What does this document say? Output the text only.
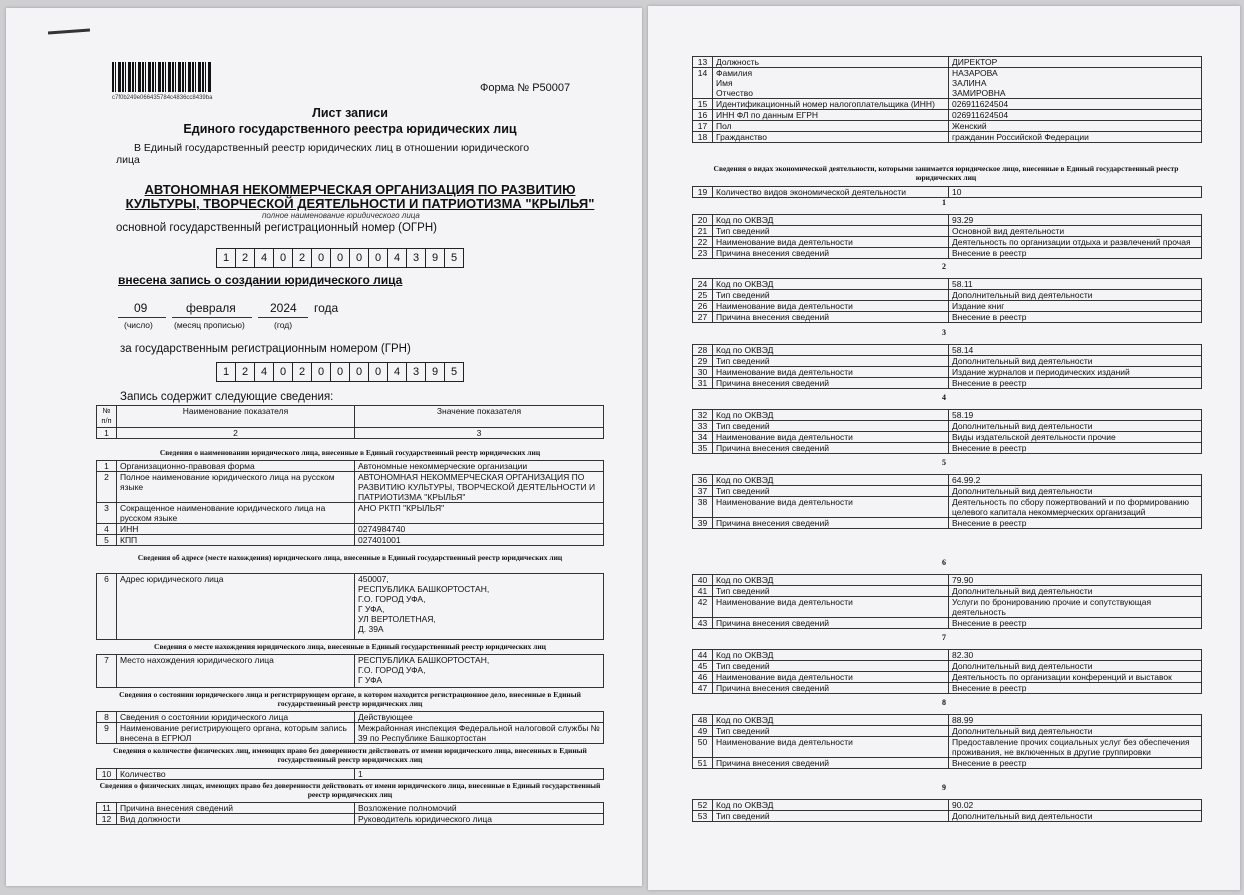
c7f0b249e066435784c4836cc8439ba
Форма № Р50007
Лист записи
Единого государственного реестра юридических лиц
В Единый государственный реестр юридических лиц в отношении юридического
лица
АВТОНОМНАЯ НЕКОММЕРЧЕСКАЯ ОРГАНИЗАЦИЯ ПО РАЗВИТИЮ
КУЛЬТУРЫ, ТВОРЧЕСКОЙ ДЕЯТЕЛЬНОСТИ И ПАТРИОТИЗМА "КРЫЛЬЯ"
полное наименование юридического лица
основной государственный регистрационный номер (ОГРН)
1	2	4	0	2	0	0	0	0	4	3	9	5
внесена запись о создании юридического лица
09	февраля	2024 года
(число) (месяц прописью)	(год)
за государственным регистрационным номером (ГРН)
1	2	4	0	2	0	0	0	0	4	3	9	5
Запись содержит следующие сведения:
№ п/п	Наименование показателя	Значение показателя
1	2	3
Сведения о наименовании юридического лица, внесенные в Единый государственный реестр юридических лиц
1	Организационно-правовая форма	Автономные некоммерческие организации
2	Полное наименование юридического лица на русском языке	АВТОНОМНАЯ НЕКОММЕРЧЕСКАЯ ОРГАНИЗАЦИЯ ПО РАЗВИТИЮ КУЛЬТУРЫ, ТВОРЧЕСКОЙ ДЕЯТЕЛЬНОСТИ И ПАТРИОТИЗМА "КРЫЛЬЯ"
3	Сокращенное наименование юридического лица на русском языке	АНО РКТП "КРЫЛЬЯ"
4	ИНН	0274984740
5	КПП	027401001
Сведения об адресе (месте нахождения) юридического лица, внесенные в Единый государственный реестр юридических лиц
6	Адрес юридического лица	450007,
РЕСПУБЛИКА БАШКОРТОСТАН,
Г.О. ГОРОД УФА,
Г УФА,
УЛ ВЕРТОЛЕТНАЯ,
Д. 39А
Сведения о месте нахождения юридического лица, внесенные в Единый государственный реестр юридических лиц
7	Место нахождения юридического лица	РЕСПУБЛИКА БАШКОРТОСТАН,
Г.О. ГОРОД УФА,
Г УФА
Сведения о состоянии юридического лица и регистрирующем органе, в котором находится регистрационное дело, внесенные в Единый государственный реестр юридических лиц
8	Сведения о состоянии юридического лица	Действующее
9	Наименование регистрирующего органа, которым запись внесена в ЕГРЮЛ	Межрайонная инспекция Федеральной налоговой службы № 39 по Республике Башкортостан
Сведения о количестве физических лиц, имеющих право без доверенности действовать от имени юридического лица, внесенных в Единый государственный реестр юридических лиц
10	Количество	1
Сведения о физических лицах, имеющих право без доверенности действовать от имени юридического лица, внесенные в Единый государственный реестр юридических лиц
11	Причина внесения сведений	Возложение полномочий
12	Вид должности	Руководитель юридического лица
13	Должность	ДИРЕКТОР
14	Фамилия
Имя
Отчество	НАЗАРОВА
ЗАЛИНА
ЗАМИРОВНА
15	Идентификационный номер налогоплательщика (ИНН)	026911624504
16	ИНН ФЛ по данным ЕГРН	026911624504
17	Пол	Женский
18	Гражданство	гражданин Российской Федерации
Сведения о видах экономической деятельности, которыми занимается юридическое лицо, внесенные в Единый государственный реестр юридических лиц
19	Количество видов экономической деятельности	10
1
20	Код по ОКВЭД	93.29
21	Тип сведений	Основной вид деятельности
22	Наименование вида деятельности	Деятельность по организации отдыха и развлечений прочая
23	Причина внесения сведений	Внесение в реестр
2
24	Код по ОКВЭД	58.11
25	Тип сведений	Дополнительный вид деятельности
26	Наименование вида деятельности	Издание книг
27	Причина внесения сведений	Внесение в реестр
3
28	Код по ОКВЭД	58.14
29	Тип сведений	Дополнительный вид деятельности
30	Наименование вида деятельности	Издание журналов и периодических изданий
31	Причина внесения сведений	Внесение в реестр
4
32	Код по ОКВЭД	58.19
33	Тип сведений	Дополнительный вид деятельности
34	Наименование вида деятельности	Виды издательской деятельности прочие
35	Причина внесения сведений	Внесение в реестр
5
36	Код по ОКВЭД	64.99.2
37	Тип сведений	Дополнительный вид деятельности
38	Наименование вида деятельности	Деятельность по сбору пожертвований и по формированию целевого капитала некоммерческих организаций
39	Причина внесения сведений	Внесение в реестр
6
40	Код по ОКВЭД	79.90
41	Тип сведений	Дополнительный вид деятельности
42	Наименование вида деятельности	Услуги по бронированию прочие и сопутствующая деятельность
43	Причина внесения сведений	Внесение в реестр
7
44	Код по ОКВЭД	82.30
45	Тип сведений	Дополнительный вид деятельности
46	Наименование вида деятельности	Деятельность по организации конференций и выставок
47	Причина внесения сведений	Внесение в реестр
8
48	Код по ОКВЭД	88.99
49	Тип сведений	Дополнительный вид деятельности
50	Наименование вида деятельности	Предоставление прочих социальных услуг без обеспечения проживания, не включенных в другие группировки
51	Причина внесения сведений	Внесение в реестр
9
52	Код по ОКВЭД	90.02
53	Тип сведений	Дополнительный вид деятельности
